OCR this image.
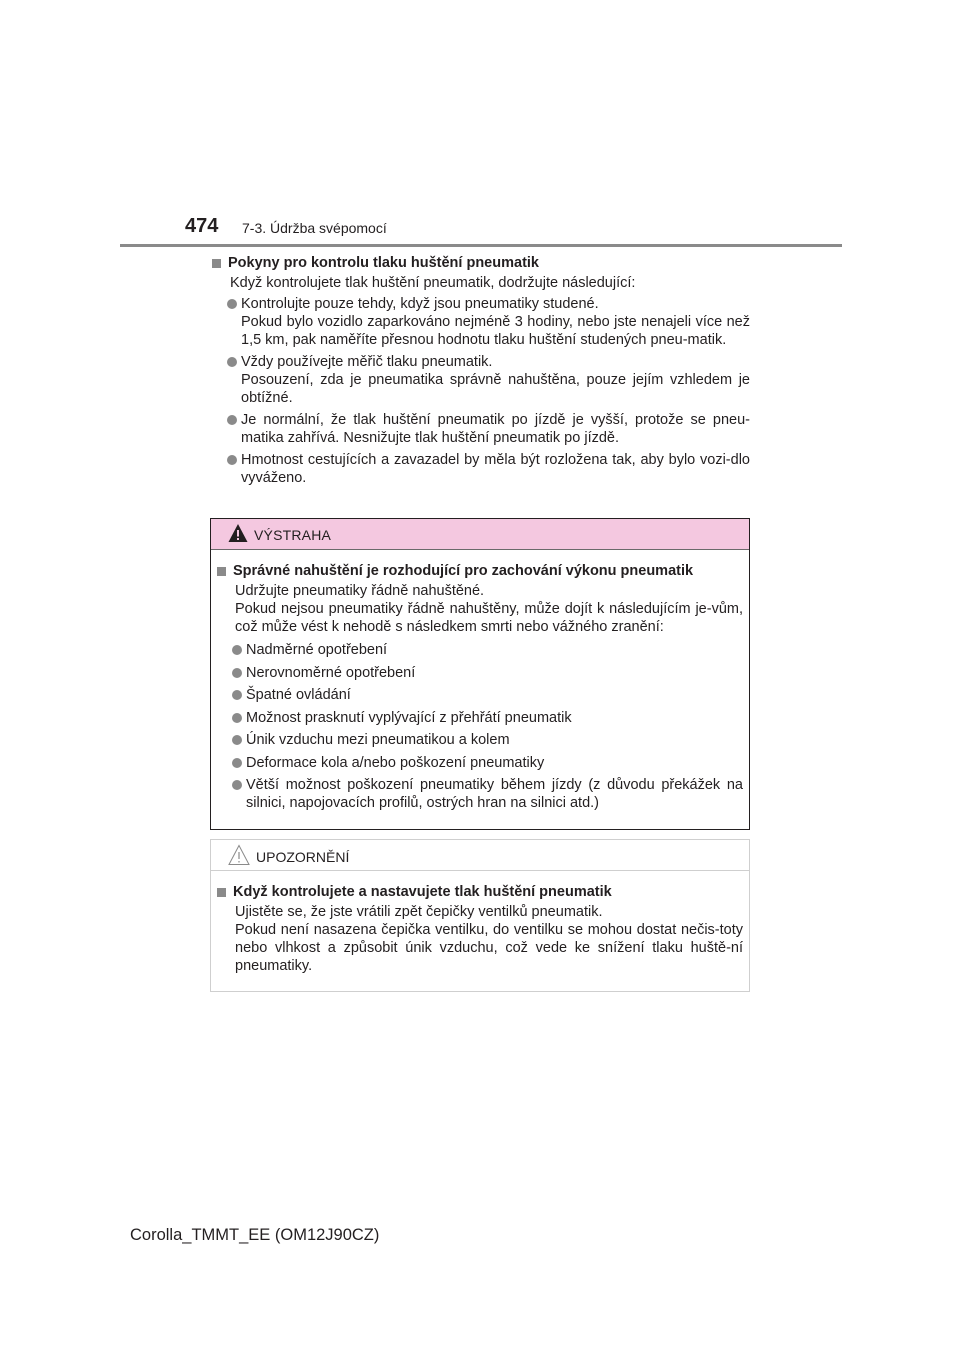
474 7-3. Údržba svépomocí
Pokyny pro kontrolu tlaku huštění pneumatik
Když kontrolujete tlak huštění pneumatik, dodržujte následující:
Kontrolujte pouze tehdy, když jsou pneumatiky studené.
Pokud bylo vozidlo zaparkováno nejméně 3 hodiny, nebo jste nenajeli více než 1,5 km, pak naměříte přesnou hodnotu tlaku huštění studených pneu-matik.
Vždy používejte měřič tlaku pneumatik.
Posouzení, zda je pneumatika správně nahuštěna, pouze jejím vzhledem je obtížné.
Je normální, že tlak huštění pneumatik po jízdě je vyšší, protože se pneu-matika zahřívá. Nesnižujte tlak huštění pneumatik po jízdě.
Hmotnost cestujících a zavazadel by měla být rozložena tak, aby bylo vozi-dlo vyváženo.
VÝSTRAHA
Správné nahuštění je rozhodující pro zachování výkonu pneumatik
Udržujte pneumatiky řádně nahuštěné.
Pokud nejsou pneumatiky řádně nahuštěny, může dojít k následujícím je-vům, což může vést k nehodě s následkem smrti nebo vážného zranění:
Nadměrné opotřebení
Nerovnoměrné opotřebení
Špatné ovládání
Možnost prasknutí vyplývající z přehřátí pneumatik
Únik vzduchu mezi pneumatikou a kolem
Deformace kola a/nebo poškození pneumatiky
Větší možnost poškození pneumatiky během jízdy (z důvodu překážek na silnici, napojovacích profilů, ostrých hran na silnici atd.)
UPOZORNĚNÍ
Když kontrolujete a nastavujete tlak huštění pneumatik
Ujistěte se, že jste vrátili zpět čepičky ventilků pneumatik.
Pokud není nasazena čepička ventilku, do ventilku se mohou dostat nečis-toty nebo vlhkost a způsobit únik vzduchu, což vede ke snížení tlaku huště-ní pneumatiky.
Corolla_TMMT_EE (OM12J90CZ)
